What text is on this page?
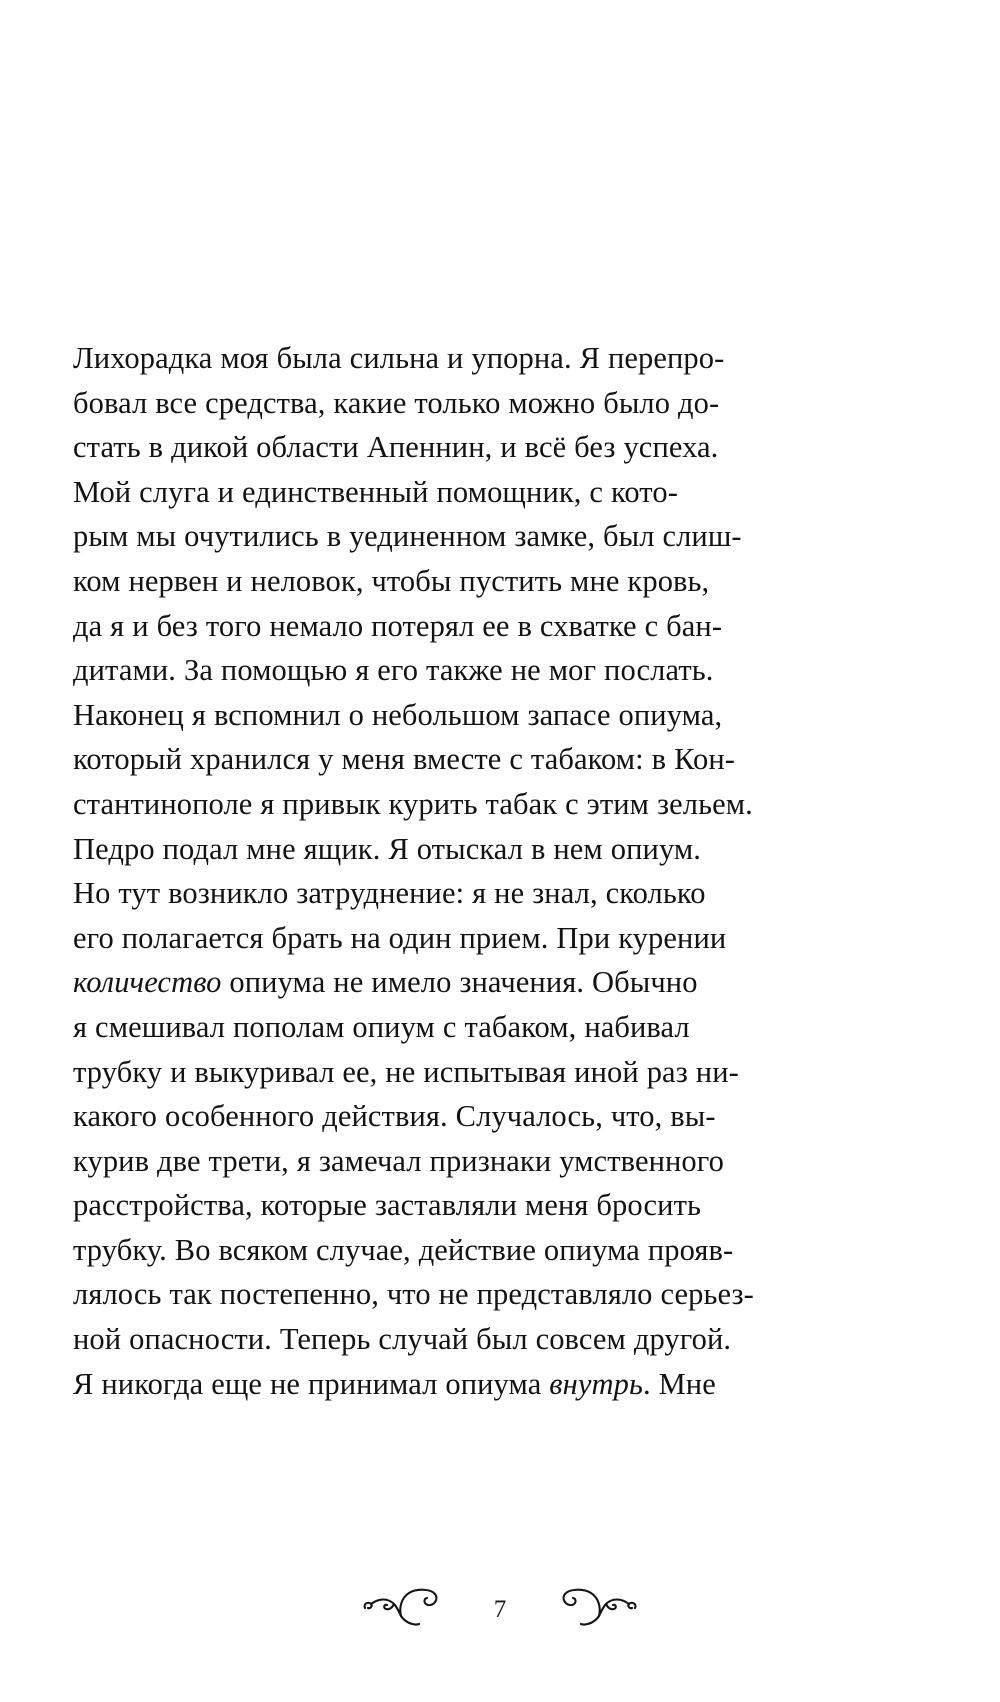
Лихорадка моя была сильна и упорна. Я перепро-
бовал все средства, какие только можно было до-
стать в дикой области Апеннин, и всё без успеха.
Мой слуга и единственный помощник, с кото-
рым мы очутились в уединенном замке, был слиш-
ком нервен и неловок, чтобы пустить мне кровь,
да я и без того немало потерял ее в схватке с бан-
дитами. За помощью я его также не мог послать.
Наконец я вспомнил о небольшом запасе опиума,
который хранился у меня вместе с табаком: в Кон-
стантинополе я привык курить табак с этим зельем.
Педро подал мне ящик. Я отыскал в нем опиум.
Но тут возникло затруднение: я не знал, сколько
его полагается брать на один прием. При курении
количество опиума не имело значения. Обычно
я смешивал пополам опиум с табаком, набивал
трубку и выкуривал ее, не испытывая иной раз ни-
какого особенного действия. Случалось, что, вы-
курив две трети, я замечал признаки умственного
расстройства, которые заставляли меня бросить
трубку. Во всяком случае, действие опиума прояв-
лялось так постепенно, что не представляло серьез-
ной опасности. Теперь случай был совсем другой.
Я никогда еще не принимал опиума внутрь. Мне
7
